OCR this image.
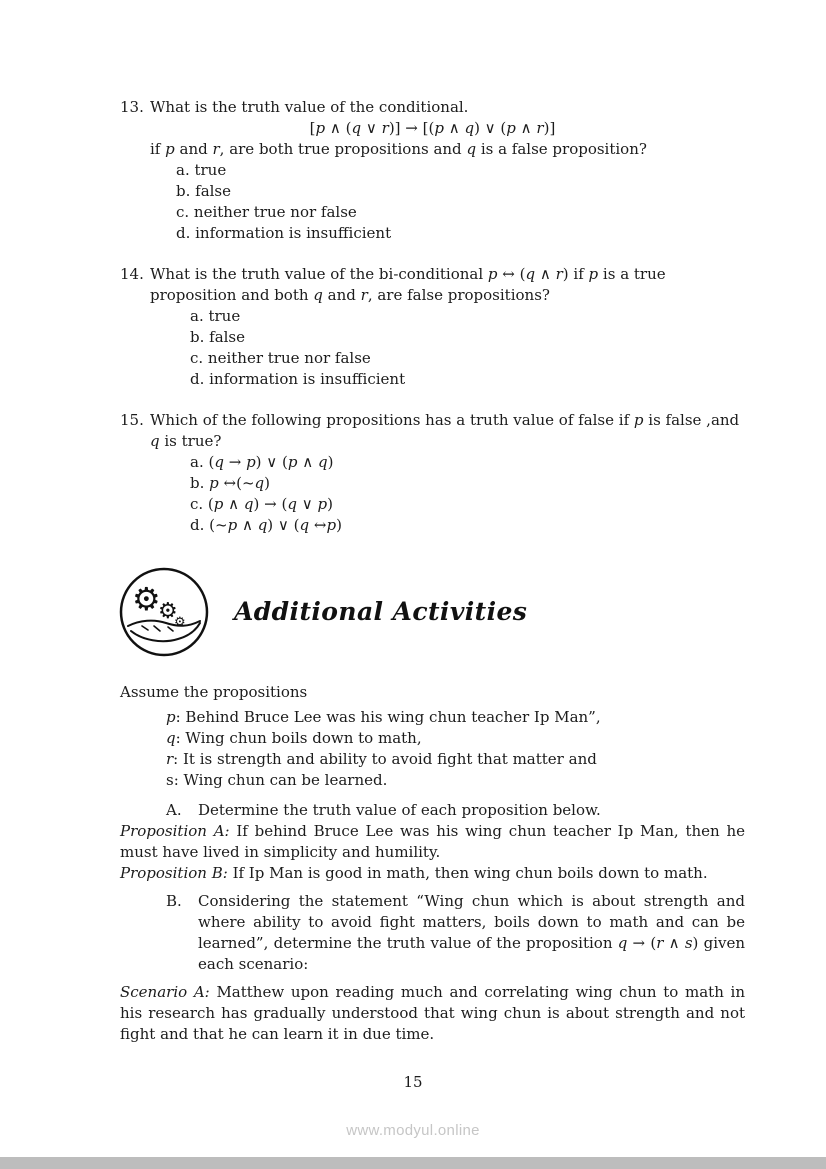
13. What is the truth value of the conditional.
[p ∧ (q ∨ r)] → [(p ∧ q) ∨ (p ∧ r)]
if p and r, are both true propositions and q is a false proposition?
a. true
b. false
c. neither true nor false
d. information is insufficient
14. What is the truth value of the bi-conditional p ↔ (q ∧ r) if p is a true proposition and both q and r, are false propositions?
a. true
b. false
c. neither true nor false
d. information is insufficient
15. Which of the following propositions has a truth value of false if p is false ,and q is true?
a. (q → p) ∨ (p ∧ q)
b. p ↔(~q)
c. (p ∧ q) → (q ∨ p)
d. (~p ∧ q) ∨ (q ↔p)
⚙
⚙
⚙ Additional Activities

Assume the propositions

p: Behind Bruce Lee was his wing chun teacher Ip Man”,
q: Wing chun boils down to math,
r: It is strength and ability to avoid fight that matter and
s: Wing chun can be learned.
A.	Determine the truth value of each proposition below.

Proposition A: If behind Bruce Lee was his wing chun teacher Ip Man, then he must have lived in simplicity and humility.

Proposition B: If Ip Man is good in math, then wing chun boils down to math.

B.	Considering the statement “Wing chun which is about strength and where ability to avoid fight matters, boils down to math and can be learned”, determine the truth value of the proposition q → (r ∧ s) given each scenario:

Scenario A: Matthew upon reading much and correlating wing chun to math in his research has gradually understood that wing chun is about strength and not fight and that he can learn it in due time.

15
www.modyul.online
